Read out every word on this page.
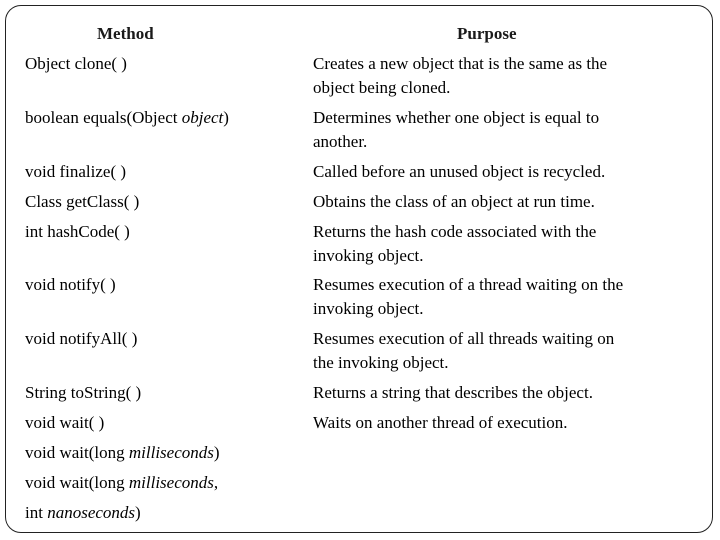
Method	Purpose
Object clone( )
boolean equals(Object object)
void finalize( )
Class getClass( )
int hashCode( )
void notify( )
void notifyAll( )
String toString( )
void wait( )
void wait(long milliseconds)
void wait(long milliseconds,
int nanoseconds)
Creates a new object that is the same as the
object being cloned.
Determines whether one object is equal to
another.
Called before an unused object is recycled.
Obtains the class of an object at run time.
Returns the hash code associated with the
invoking object.
Resumes execution of a thread waiting on the
invoking object.
Resumes execution of all threads waiting on
the invoking object.
Returns a string that describes the object.
Waits on another thread of execution.
